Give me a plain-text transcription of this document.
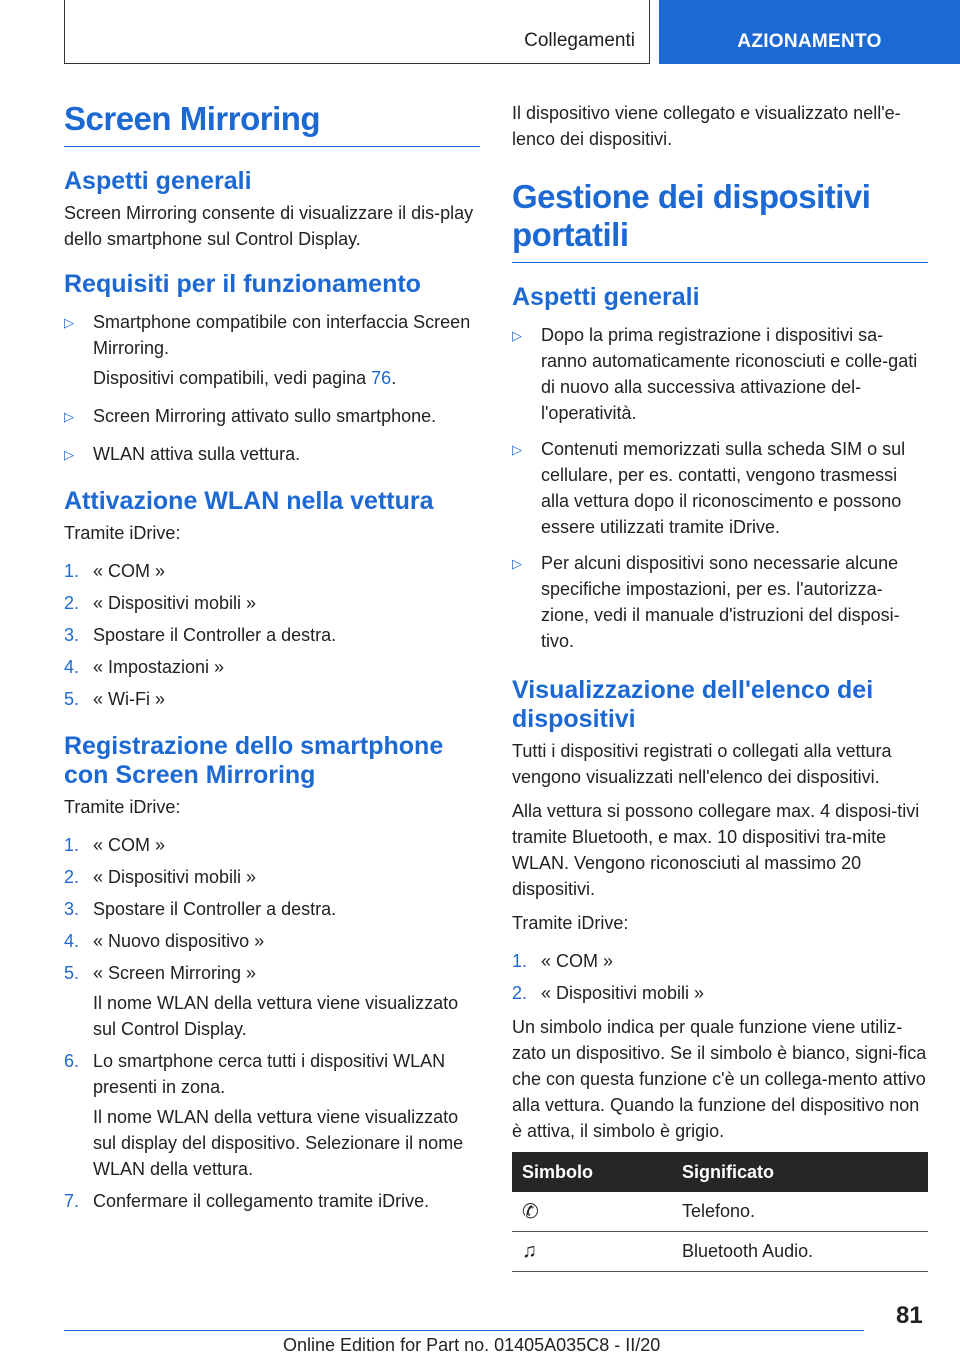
Collegamenti	AZIONAMENTO
Screen Mirroring
Aspetti generali
Screen Mirroring consente di visualizzare il dis-play dello smartphone sul Control Display.
Requisiti per il funzionamento
▷ Smartphone compatibile con interfaccia Screen Mirroring.
Dispositivi compatibili, vedi pagina 76.
▷ Screen Mirroring attivato sullo smartphone.
▷ WLAN attiva sulla vettura.
Attivazione WLAN nella vettura
Tramite iDrive:
1. « COM »
2. « Dispositivi mobili »
3. Spostare il Controller a destra.
4. « Impostazioni »
5. « Wi-Fi »
Registrazione dello smartphone con Screen Mirroring
Tramite iDrive:
1. « COM »
2. « Dispositivi mobili »
3. Spostare il Controller a destra.
4. « Nuovo dispositivo »
5. « Screen Mirroring »
Il nome WLAN della vettura viene visualizzato sul Control Display.
6. Lo smartphone cerca tutti i dispositivi WLAN presenti in zona.
Il nome WLAN della vettura viene visualizzato sul display del dispositivo. Selezionare il nome WLAN della vettura.
7. Confermare il collegamento tramite iDrive.
Il dispositivo viene collegato e visualizzato nell'e-lenco dei dispositivi.
Gestione dei dispositivi portatili
Aspetti generali
▷ Dopo la prima registrazione i dispositivi sa-ranno automaticamente riconosciuti e colle-gati di nuovo alla successiva attivazione del-l'operatività.
▷ Contenuti memorizzati sulla scheda SIM o sul cellulare, per es. contatti, vengono trasmessi alla vettura dopo il riconoscimento e possono essere utilizzati tramite iDrive.
▷ Per alcuni dispositivi sono necessarie alcune specifiche impostazioni, per es. l'autorizza-zione, vedi il manuale d'istruzioni del disposi-tivo.
Visualizzazione dell'elenco dei dispositivi
Tutti i dispositivi registrati o collegati alla vettura vengono visualizzati nell'elenco dei dispositivi.
Alla vettura si possono collegare max. 4 disposi-tivi tramite Bluetooth, e max. 10 dispositivi tra-mite WLAN. Vengono riconosciuti al massimo 20 dispositivi.
Tramite iDrive:
1. « COM »
2. « Dispositivi mobili »
Un simbolo indica per quale funzione viene utiliz-zato un dispositivo. Se il simbolo è bianco, signi-fica che con questa funzione c'è un collega-mento attivo alla vettura. Quando la funzione del dispositivo non è attiva, il simbolo è grigio.
Simbolo	Significato
✆	Telefono.
♫	Bluetooth Audio.
81
Online Edition for Part no. 01405A035C8 - II/20
